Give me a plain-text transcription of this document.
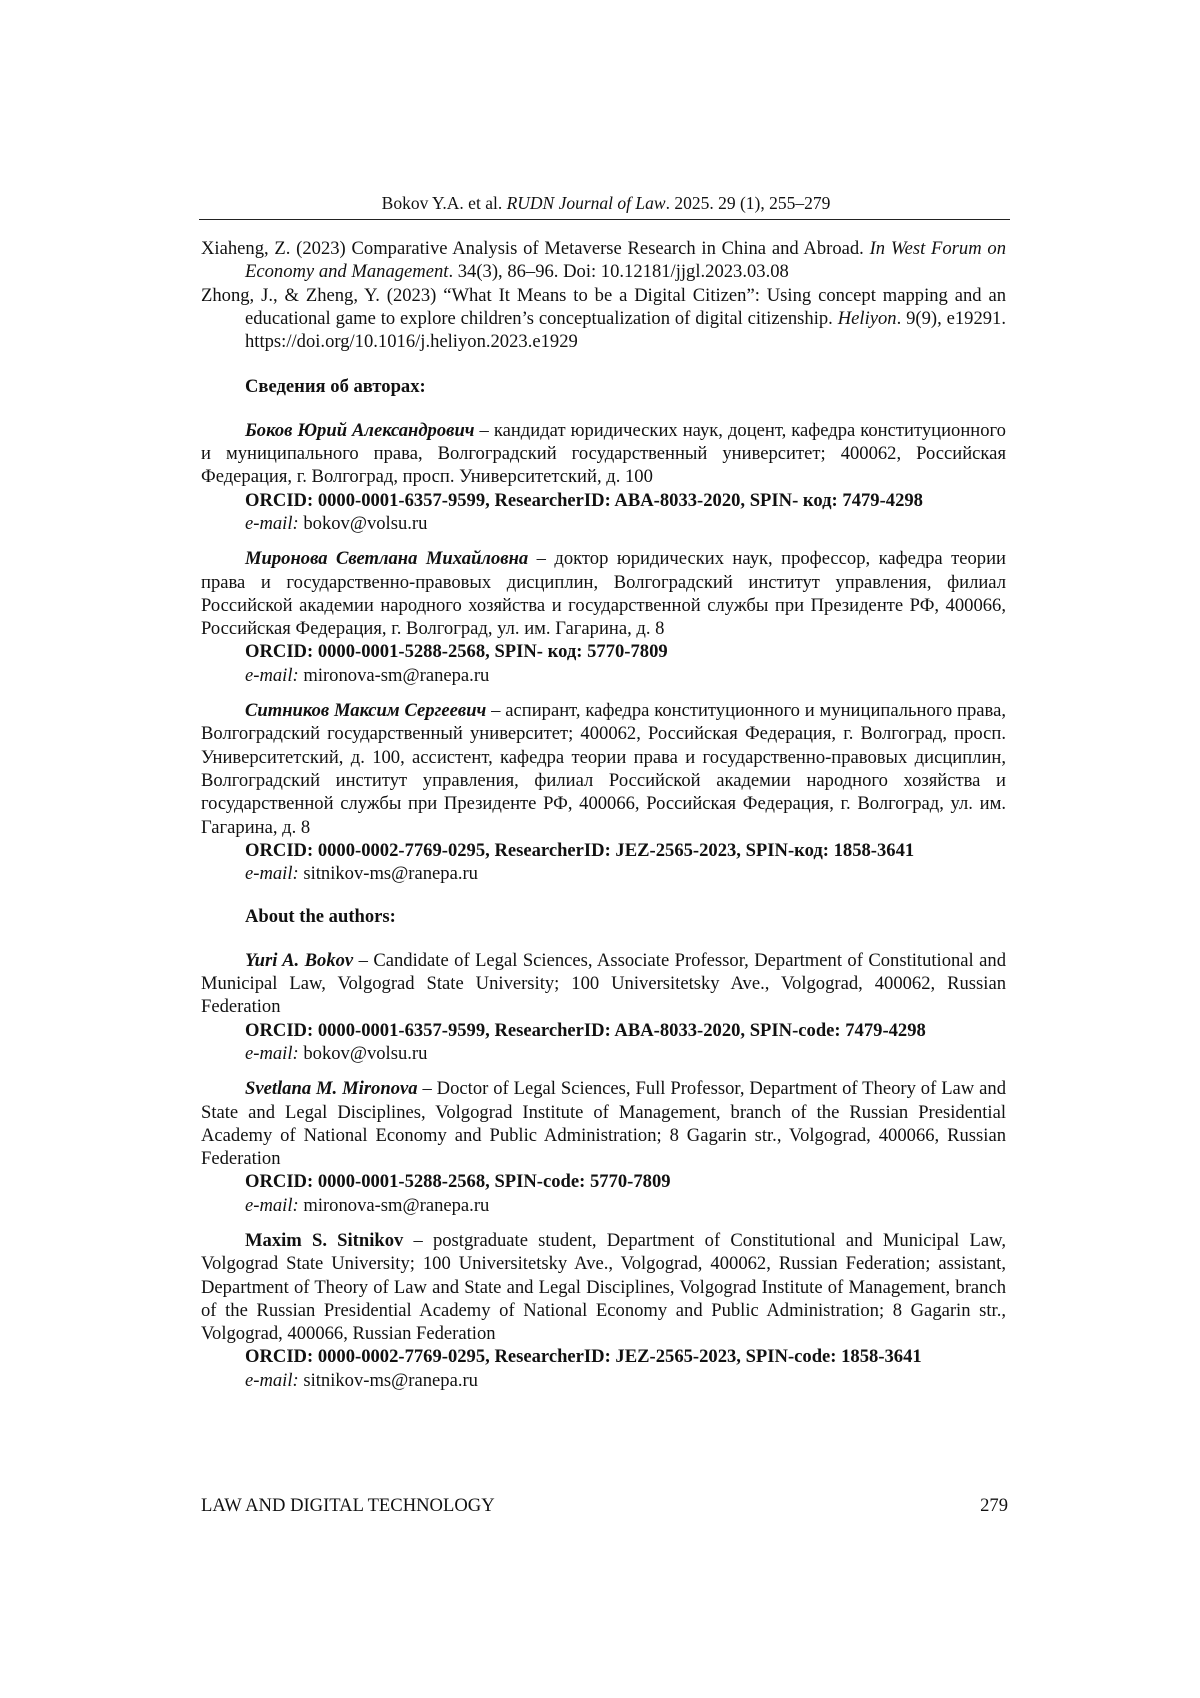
Bokov Y.A. et al. RUDN Journal of Law. 2025. 29 (1), 255–279

Xiaheng, Z. (2023) Comparative Analysis of Metaverse Research in China and Abroad. In West Forum on Economy and Management. 34(3), 86–96. Doi: 10.12181/jjgl.2023.03.08

Zhong, J., & Zheng, Y. (2023) “What It Means to be a Digital Citizen”: Using concept mapping and an educational game to explore children’s conceptualization of digital citizenship. Heliyon. 9(9), e19291. https://doi.org/10.1016/j.heliyon.2023.e1929

Сведения об авторах:

Боков Юрий Александрович – кандидат юридических наук, доцент, кафедра конституционного и муниципального права, Волгоградский государственный университет; 400062, Российская Федерация, г. Волгоград, просп. Университетский, д. 100

ORCID: 0000-0001-6357-9599, ResearcherID: ABA-8033-2020, SPIN- код: 7479-4298

e-mail: bokov@volsu.ru

Миронова Светлана Михайловна – доктор юридических наук, профессор, кафедра теории права и государственно-правовых дисциплин, Волгоградский институт управления, филиал Российской академии народного хозяйства и государственной службы при Президенте РФ, 400066, Российская Федерация, г. Волгоград, ул. им. Гагарина, д. 8

ORCID: 0000-0001-5288-2568, SPIN- код: 5770-7809

e-mail: mironova-sm@ranepa.ru

Ситников Максим Сергеевич – аспирант, кафедра конституционного и муниципального права, Волгоградский государственный университет; 400062, Российская Федерация, г. Волгоград, просп. Университетский, д. 100, ассистент, кафедра теории права и государственно-правовых дисциплин, Волгоградский институт управления, филиал Российской академии народного хозяйства и государственной службы при Президенте РФ, 400066, Российская Федерация, г. Волгоград, ул. им. Гагарина, д. 8

ORCID: 0000-0002-7769-0295, ResearcherID: JEZ-2565-2023, SPIN-код: 1858-3641

e-mail: sitnikov-ms@ranepa.ru

About the authors:

Yuri A. Bokov – Candidate of Legal Sciences, Associate Professor, Department of Constitutional and Municipal Law, Volgograd State University; 100 Universitetsky Ave., Volgograd, 400062, Russian Federation

ORCID: 0000-0001-6357-9599, ResearcherID: ABA-8033-2020, SPIN-code: 7479-4298

e-mail: bokov@volsu.ru

Svetlana M. Mironova – Doctor of Legal Sciences, Full Professor, Department of Theory of Law and State and Legal Disciplines, Volgograd Institute of Management, branch of the Russian Presidential Academy of National Economy and Public Administration; 8 Gagarin str., Volgograd, 400066, Russian Federation

ORCID: 0000-0001-5288-2568, SPIN-code: 5770-7809

e-mail: mironova-sm@ranepa.ru

Maxim S. Sitnikov – postgraduate student, Department of Constitutional and Municipal Law, Volgograd State University; 100 Universitetsky Ave., Volgograd, 400062, Russian Federation; assistant, Department of Theory of Law and State and Legal Disciplines, Volgograd Institute of Management, branch of the Russian Presidential Academy of National Economy and Public Administration; 8 Gagarin str., Volgograd, 400066, Russian Federation

ORCID: 0000-0002-7769-0295, ResearcherID: JEZ-2565-2023, SPIN-code: 1858-3641

e-mail: sitnikov-ms@ranepa.ru

LAW AND DIGITAL TECHNOLOGY	279
